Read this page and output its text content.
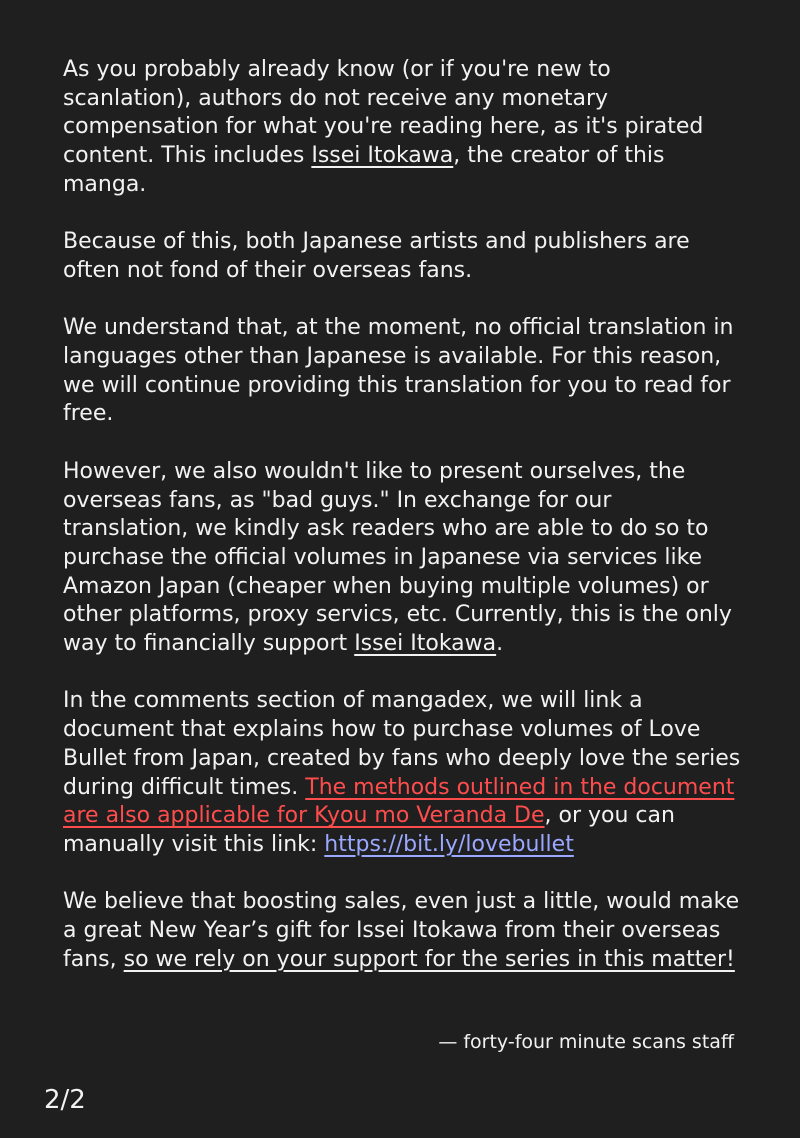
As you probably already know (or if you're new to scanlation), authors do not receive any monetary compensation for what you're reading here, as it's pirated content. This includes Issei Itokawa, the creator of this manga.

Because of this, both Japanese artists and publishers are often not fond of their overseas fans.

We understand that, at the moment, no official translation in languages other than Japanese is available. For this reason, we will continue providing this translation for you to read for free.

However, we also wouldn't like to present ourselves, the overseas fans, as "bad guys." In exchange for our translation, we kindly ask readers who are able to do so to purchase the official volumes in Japanese via services like Amazon Japan (cheaper when buying multiple volumes) or other platforms, proxy servics, etc. Currently, this is the only way to financially support Issei Itokawa.

In the comments section of mangadex, we will link a document that explains how to purchase volumes of Love Bullet from Japan, created by fans who deeply love the series during difficult times. The methods outlined in the document are also applicable for Kyou mo Veranda De, or you can manually visit this link: https://bit.ly/lovebullet

We believe that boosting sales, even just a little, would make a great New Year’s gift for Issei Itokawa from their overseas fans, so we rely on your support for the series in this matter!

— forty-four minute scans staff
2/2
